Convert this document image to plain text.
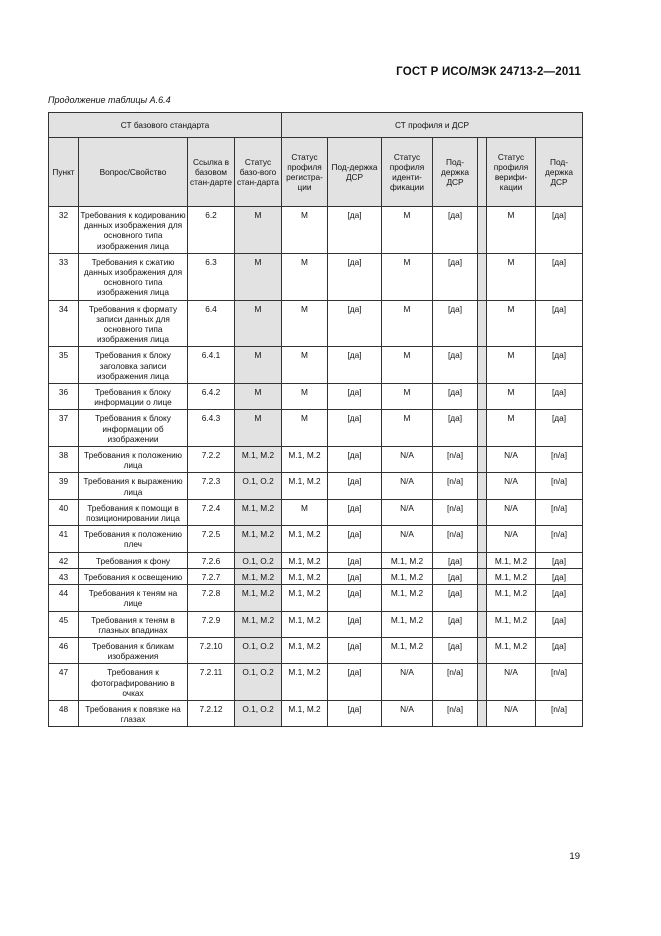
ГОСТ Р ИСО/МЭК 24713-2—2011
Продолжение таблицы А.6.4
СТ базового стандарта				СТ профиля и ДСР						
Пункт	Вопрос/Свойство	Ссылка в базовом стан-дарте	Статус базо-вого стан-дарта	Статус профиля регистра-ции	Под-держка ДСР	Статус профиля иденти-фикации	Под-держка ДСР		Статус профиля верифи-кации	Под-держка ДСР
32	Требования к кодированию данных изображения для основного типа изображения лица	6.2	M	M	[да]	M	[да]		M	[да]
33	Требования к сжатию данных изображения для основного типа изображения лица	6.3	M	M	[да]	M	[да]		M	[да]
34	Требования к формату записи данных для основного типа изображения лица	6.4	M	M	[да]	M	[да]		M	[да]
35	Требования к блоку заголовка записи изображения лица	6.4.1	M	M	[да]	M	[да]		M	[да]
36	Требования к блоку информации о лице	6.4.2	M	M	[да]	M	[да]		M	[да]
37	Требования к блоку информации об изображении	6.4.3	M	M	[да]	M	[да]		M	[да]
38	Требования к положению лица	7.2.2	M.1, M.2	M.1, M.2	[да]	N/A	[n/a]		N/A	[n/a]
39	Требования к выражению лица	7.2.3	O.1, O.2	M.1, M.2	[да]	N/A	[n/a]		N/A	[n/a]
40	Требования к помощи в позиционировании лица	7.2.4	M.1, M.2	M	[да]	N/A	[n/a]		N/A	[n/a]
41	Требования к положению плеч	7.2.5	M.1, M.2	M.1, M.2	[да]	N/A	[n/a]		N/A	[n/a]
42	Требования к фону	7.2.6	O.1, O.2	M.1, M.2	[да]	M.1, M.2	[да]		M.1, M.2	[да]
43	Требования к освещению	7.2.7	M.1, M.2	M.1, M.2	[да]	M.1, M.2	[да]		M.1, M.2	[да]
44	Требования к теням на лице	7.2.8	M.1, M.2	M.1, M.2	[да]	M.1, M.2	[да]		M.1, M.2	[да]
45	Требования к теням в глазных впадинах	7.2.9	M.1, M.2	M.1, M.2	[да]	M.1, M.2	[да]		M.1, M.2	[да]
46	Требования к бликам изображения	7.2.10	O.1, O.2	M.1, M.2	[да]	M.1, M.2	[да]		M.1, M.2	[да]
47	Требования к фотографированию в очках	7.2.11	O.1, O.2	M.1, M.2	[да]	N/A	[n/a]		N/A	[n/a]
48	Требования к повязке на глазах	7.2.12	O.1, O.2	M.1, M.2	[да]	N/A	[n/a]		N/A	[n/a]
19
